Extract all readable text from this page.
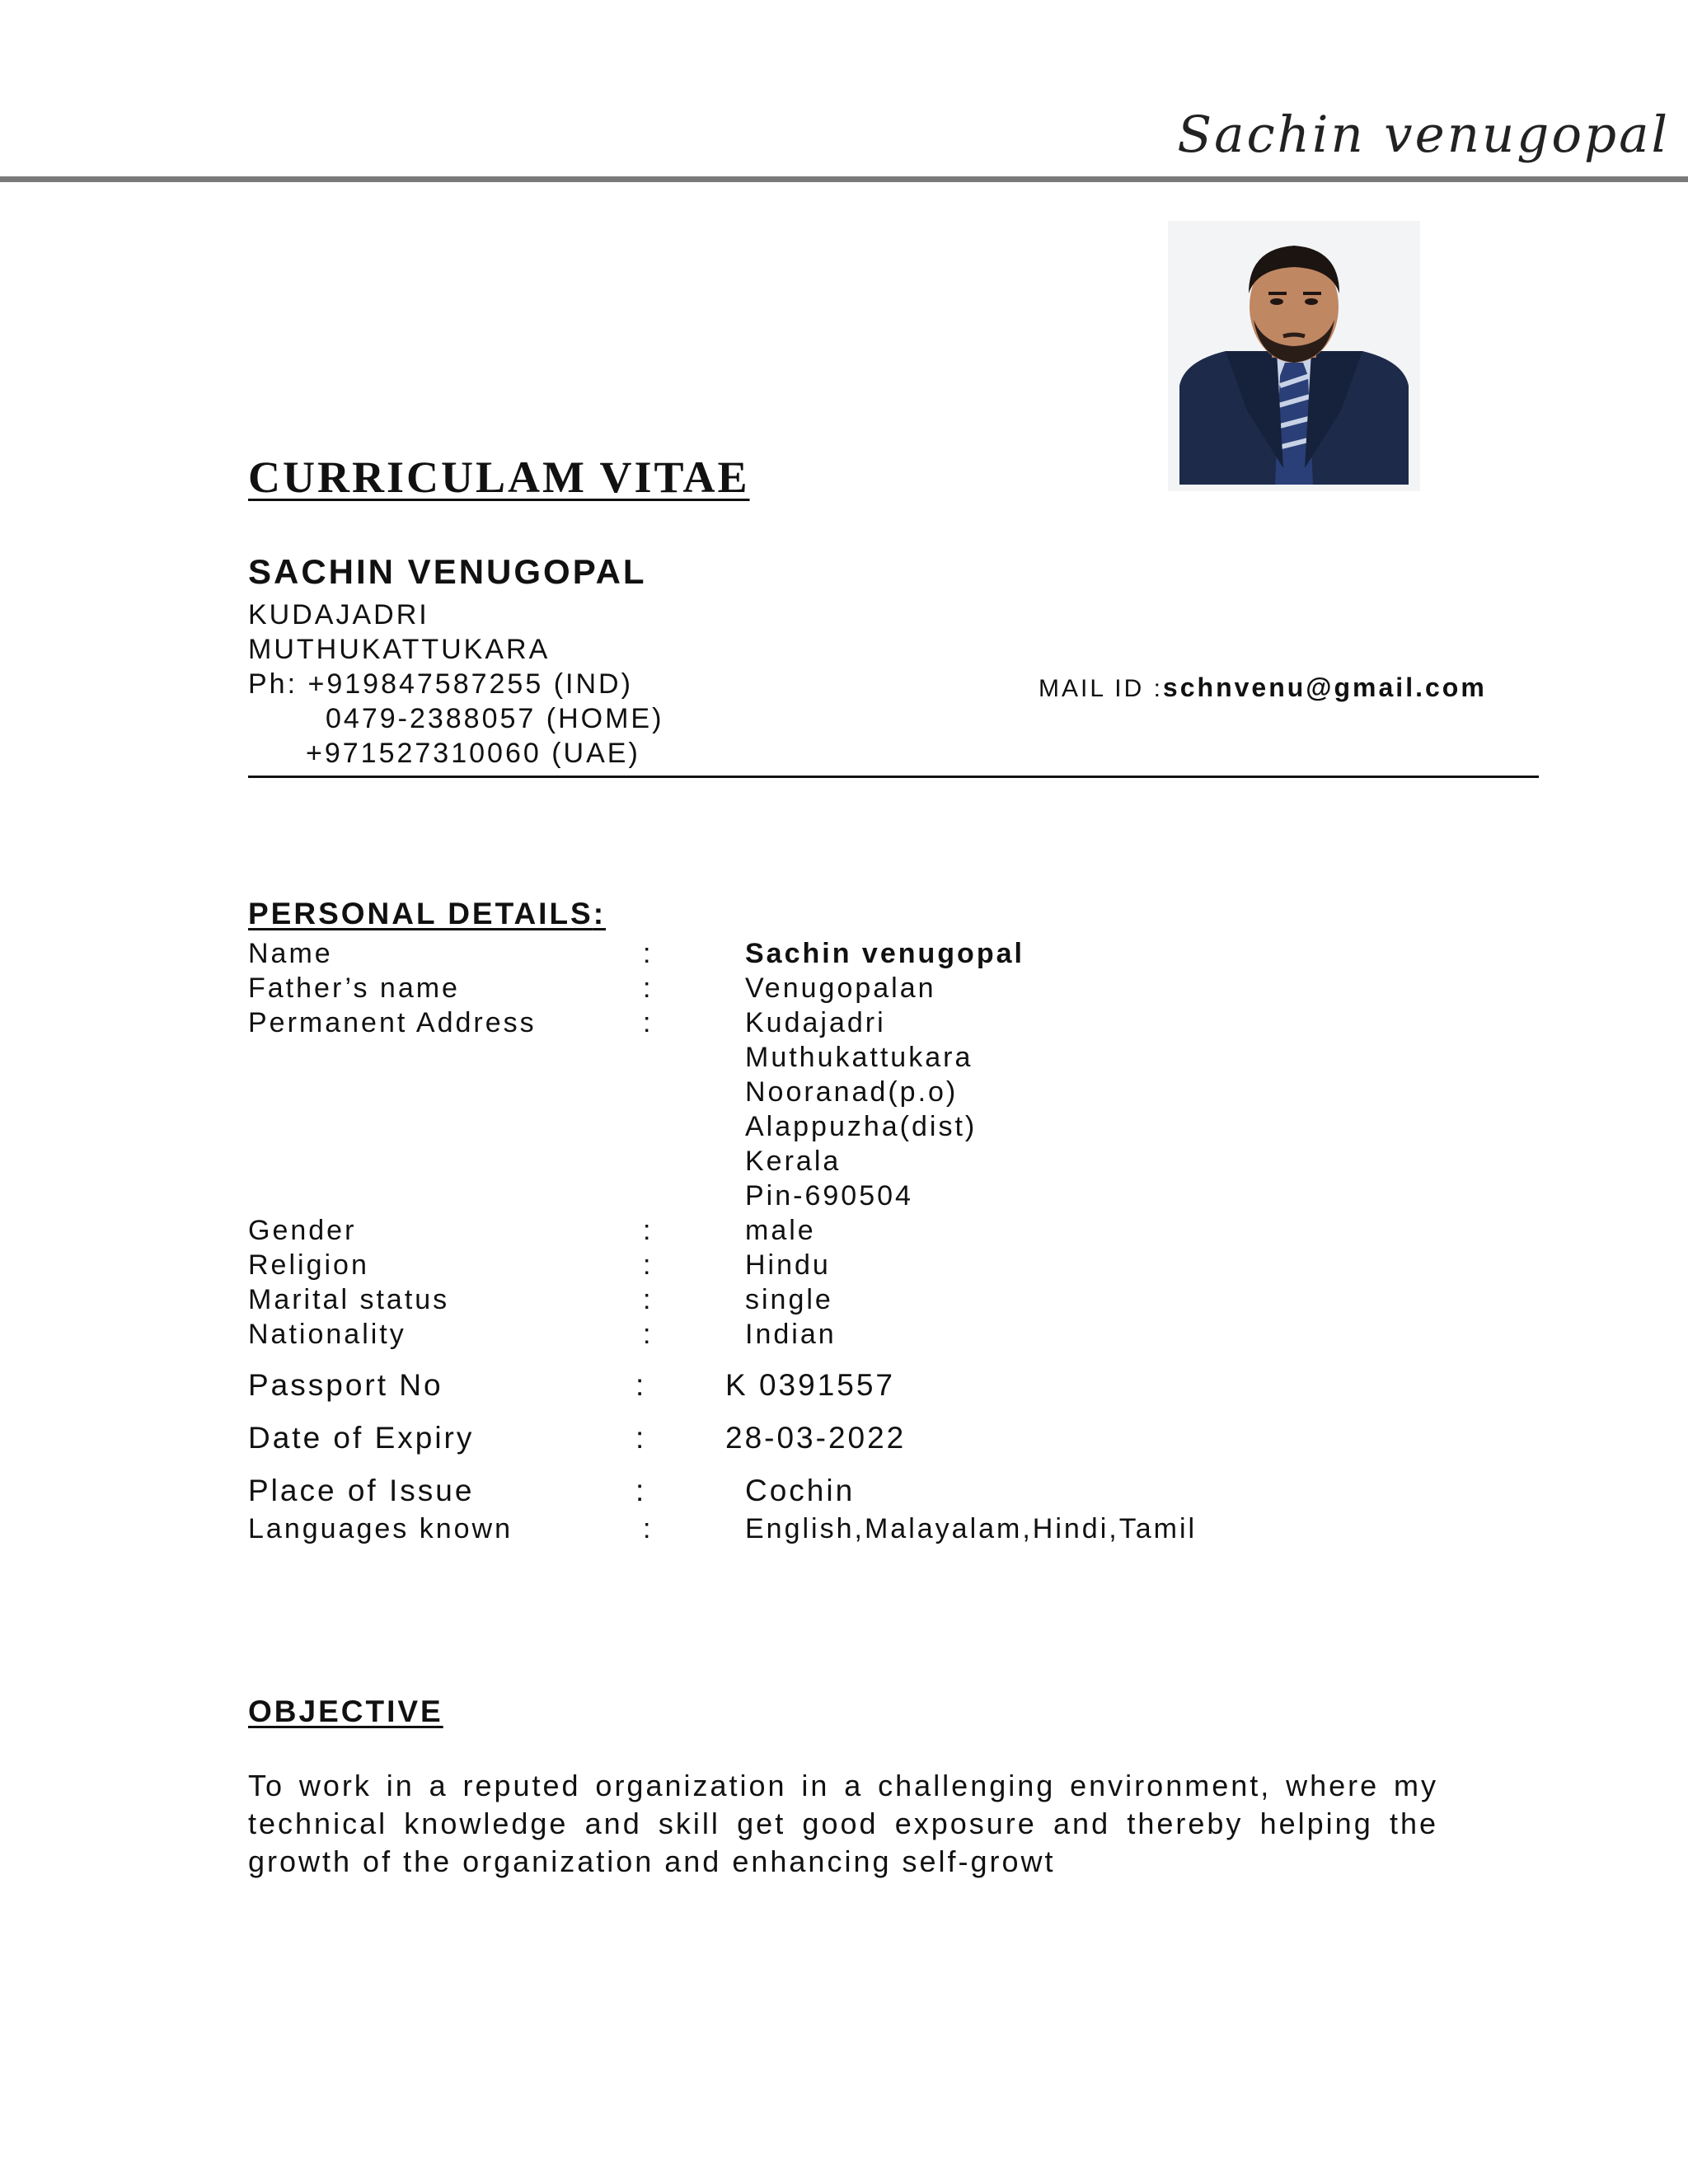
Sachin venugopal
CURRICULAM VITAE
SACHIN VENUGOPAL

KUDAJADRI

MUTHUKATTUKARA

Ph: +919847587255 (IND)

0479-2388057 (HOME)

+971527310060 (UAE)

MAIL ID :schnvenu@gmail.com

PERSONAL DETAILS:

Name	:	Sachin venugopal
Father’s name	:	Venugopalan
Permanent Address	:	Kudajadri

Muthukattukara

Nooranad(p.o)

Alappuzha(dist)

Kerala

Pin-690504

Gender	:	male
Religion	:	Hindu
Marital status	:	single
Nationality	:	Indian
Passport No	:	K 0391557
Date of Expiry	:	28-03-2022
Place of Issue	:	Cochin
Languages known	:	English,Malayalam,Hindi,Tamil

OBJECTIVE

To work in a reputed organization in a challenging environment, where my technical knowledge and skill get good exposure and thereby helping the growth of the organization and enhancing self-growt
